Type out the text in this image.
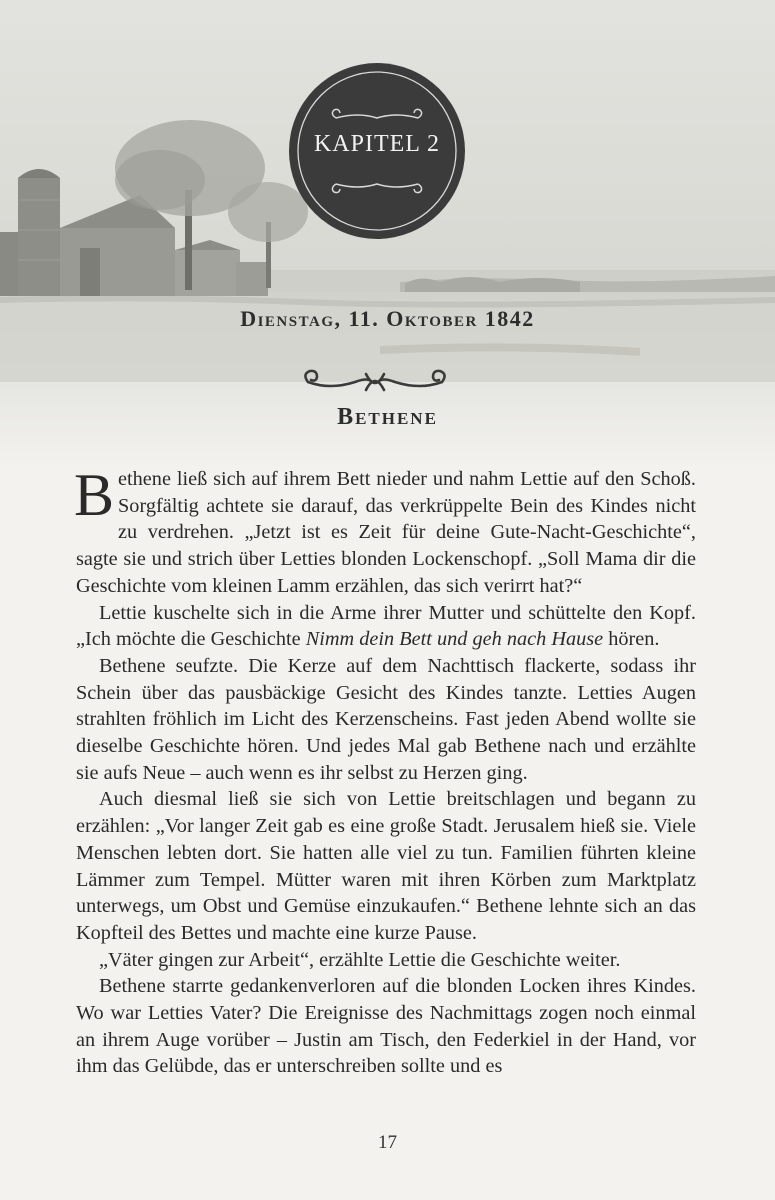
KAPITEL 2
Dienstag, 11. Oktober 1842
Bethene

Bethene ließ sich auf ihrem Bett nieder und nahm Lettie auf den Schoß. Sorgfältig achtete sie darauf, das verkrüppelte Bein des Kindes nicht zu verdrehen. „Jetzt ist es Zeit für deine Gute-Nacht-Geschichte“, sagte sie und strich über Letties blonden Lockenschopf. „Soll Mama dir die Geschichte vom kleinen Lamm erzählen, das sich verirrt hat?“

Lettie kuschelte sich in die Arme ihrer Mutter und schüttelte den Kopf. „Ich möchte die Geschichte Nimm dein Bett und geh nach Hause hören.

Bethene seufzte. Die Kerze auf dem Nachttisch flackerte, sodass ihr Schein über das pausbäckige Gesicht des Kindes tanzte. Letties Augen strahlten fröhlich im Licht des Kerzenscheins. Fast jeden Abend wollte sie dieselbe Geschichte hören. Und jedes Mal gab Bethene nach und erzählte sie aufs Neue – auch wenn es ihr selbst zu Herzen ging.

Auch diesmal ließ sie sich von Lettie breitschlagen und begann zu erzählen: „Vor langer Zeit gab es eine große Stadt. Jerusalem hieß sie. Viele Menschen lebten dort. Sie hatten alle viel zu tun. Familien führten kleine Lämmer zum Tempel. Mütter waren mit ihren Körben zum Marktplatz unterwegs, um Obst und Gemüse einzukaufen.“ Bethene lehnte sich an das Kopfteil des Bettes und machte eine kurze Pause.

„Väter gingen zur Arbeit“, erzählte Lettie die Geschichte weiter.

Bethene starrte gedankenverloren auf die blonden Locken ihres Kindes. Wo war Letties Vater? Die Ereignisse des Nachmittags zogen noch einmal an ihrem Auge vorüber – Justin am Tisch, den Federkiel in der Hand, vor ihm das Gelübde, das er unterschreiben sollte und es

17
